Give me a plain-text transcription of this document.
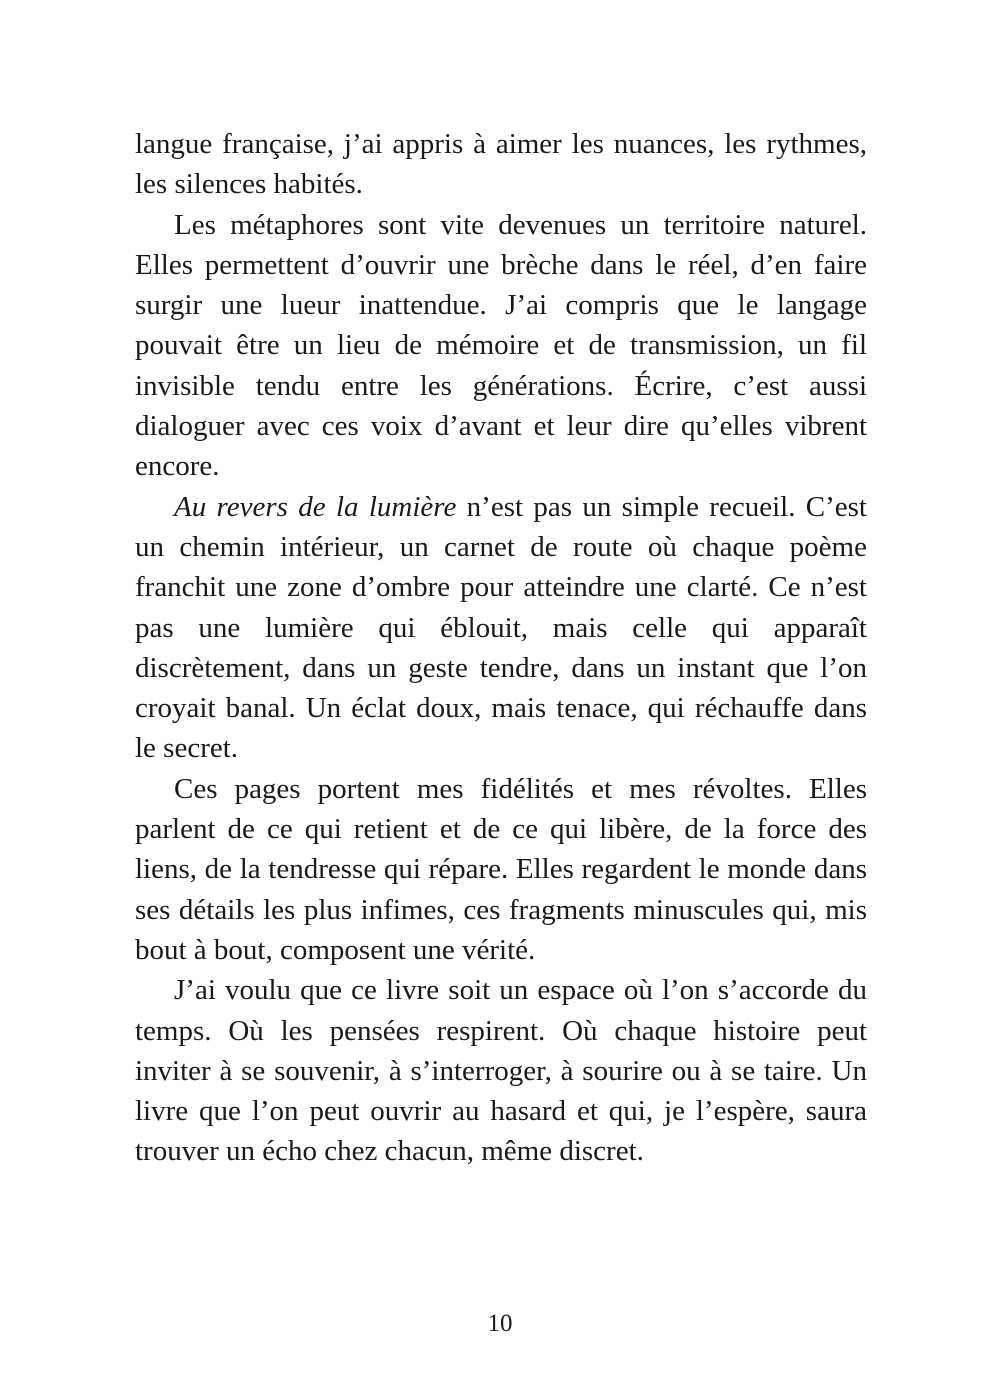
langue française, j’ai appris à aimer les nuances, les rythmes, les silences habités.

Les métaphores sont vite devenues un territoire naturel. Elles permettent d’ouvrir une brèche dans le réel, d’en faire surgir une lueur inattendue. J’ai compris que le langage pouvait être un lieu de mémoire et de transmission, un fil invisible tendu entre les générations. Écrire, c’est aussi dialoguer avec ces voix d’avant et leur dire qu’elles vibrent encore.

Au revers de la lumière n’est pas un simple recueil. C’est un chemin intérieur, un carnet de route où chaque poème franchit une zone d’ombre pour atteindre une clarté. Ce n’est pas une lumière qui éblouit, mais celle qui apparaît discrètement, dans un geste tendre, dans un instant que l’on croyait banal. Un éclat doux, mais tenace, qui réchauffe dans le secret.

Ces pages portent mes fidélités et mes révoltes. Elles parlent de ce qui retient et de ce qui libère, de la force des liens, de la tendresse qui répare. Elles regardent le monde dans ses détails les plus infimes, ces fragments minuscules qui, mis bout à bout, composent une vérité.

J’ai voulu que ce livre soit un espace où l’on s’accorde du temps. Où les pensées respirent. Où chaque histoire peut inviter à se souvenir, à s’interroger, à sourire ou à se taire. Un livre que l’on peut ouvrir au hasard et qui, je l’espère, saura trouver un écho chez chacun, même discret.

10
